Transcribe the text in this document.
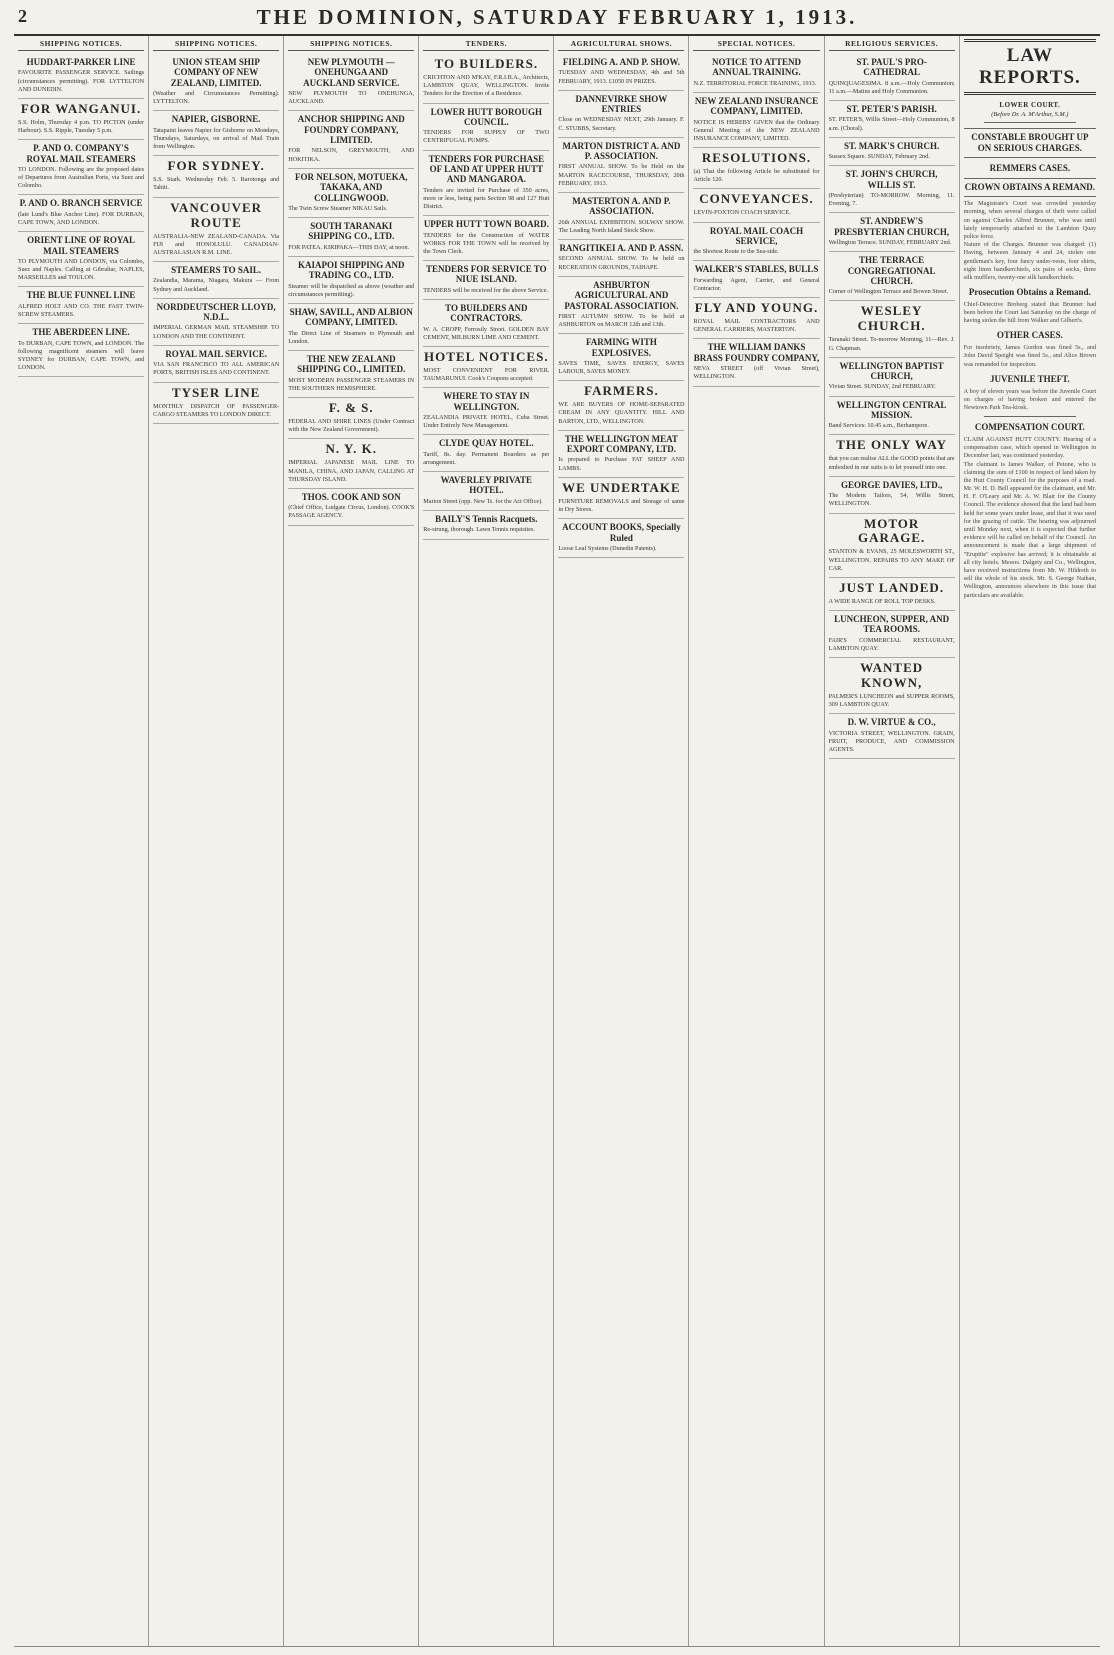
2	THE DOMINION, SATURDAY FEBRUARY 1, 1913.
SHIPPING NOTICES.
HUDDART-PARKER LINE
FAVOURITE PASSENGER SERVICE. Sailings (circumstances permitting). FOR LYTTELTON AND DUNEDIN.
FOR WANGANUI.
S.S. Holm, Thursday 4 p.m. TO PICTON (under Harbour). S.S. Ripple, Tuesday 5 p.m.
P. AND O. COMPANY'S ROYAL MAIL STEAMERS
TO LONDON. Following are the proposed dates of Departures from Australian Ports, via Suez and Colombo.
P. AND O. BRANCH SERVICE
(late Lund's Blue Anchor Line). FOR DURBAN, CAPE TOWN, AND LONDON.
ORIENT LINE OF ROYAL MAIL STEAMERS
TO PLYMOUTH AND LONDON, via Colombo, Suez and Naples. Calling at Gibraltar, NAPLES, MARSEILLES and TOULON.
THE BLUE FUNNEL LINE
ALFRED HOLT AND CO. THE FAST TWIN-SCREW STEAMERS.
THE ABERDEEN LINE.
To DURBAN, CAPE TOWN, and LONDON. The following magnificent steamers will leave SYDNEY for DURBAN, CAPE TOWN, and LONDON.
SHIPPING NOTICES.
UNION STEAM SHIP COMPANY OF NEW ZEALAND, LIMITED.
(Weather and Circumstances Permitting). LYTTELTON.
NAPIER, GISBORNE.
Tatapaini leaves Napier for Gisborne on Mondays, Thursdays, Saturdays, on arrival of Mail Train from Wellington.
FOR SYDNEY.
S.S. Stark. Wednesday Feb. 5. Rarotonga and Tahiti.
VANCOUVER ROUTE
AUSTRALIA-NEW ZEALAND-CANADA. Via FIJI and HONOLULU. CANADIAN-AUSTRALASIAN R.M. LINE.
STEAMERS TO SAIL.
Zealandia, Marama, Niagara, Makura — From Sydney and Auckland.
NORDDEUTSCHER LLOYD, N.D.L.
IMPERIAL GERMAN MAIL STEAMSHIP. TO LONDON AND THE CONTINENT.
ROYAL MAIL SERVICE.
VIA SAN FRANCISCO TO ALL AMERICAN PORTS, BRITISH ISLES AND CONTINENT.
TYSER LINE
MONTHLY DISPATCH OF PASSENGER-CARGO STEAMERS TO LONDON DIRECT.
SHIPPING NOTICES.
NEW PLYMOUTH — ONEHUNGA AND AUCKLAND SERVICE.
NEW PLYMOUTH TO ONEHUNGA, AUCKLAND.
ANCHOR SHIPPING AND FOUNDRY COMPANY, LIMITED.
FOR NELSON, GREYMOUTH, AND HOKITIKA.
FOR NELSON, MOTUEKA, TAKAKA, AND COLLINGWOOD.
The Twin Screw Steamer NIKAU Sails.
SOUTH TARANAKI SHIPPING CO., LTD.
FOR PATEA. KIRIPAKA—THIS DAY, at noon.
KAIAPOI SHIPPING AND TRADING CO., LTD.
Steamer will be dispatched as above (weather and circumstances permitting).
SHAW, SAVILL, AND ALBION COMPANY, LIMITED.
The Direct Line of Steamers to Plymouth and London.
THE NEW ZEALAND SHIPPING CO., LIMITED.
MOST MODERN PASSENGER STEAMERS IN THE SOUTHERN HEMISPHERE.
F. & S.
FEDERAL AND SHIRE LINES (Under Contract with the New Zealand Government).
N. Y. K.
IMPERIAL JAPANESE MAIL LINE TO MANILA, CHINA, AND JAPAN, CALLING AT THURSDAY ISLAND.
THOS. COOK AND SON
(Chief Office, Ludgate Circus, London). COOK'S PASSAGE AGENCY.
TENDERS.
TO BUILDERS.
CRICHTON AND M'KAY, F.R.I.B.A., Architects, LAMBTON QUAY, WELLINGTON. Invite Tenders for the Erection of a Residence.
LOWER HUTT BOROUGH COUNCIL.
TENDERS FOR SUPPLY OF TWO CENTRIFUGAL PUMPS.
TENDERS FOR PURCHASE OF LAND AT UPPER HUTT AND MANGAROA.
Tenders are invited for Purchase of 350 acres, more or less, being parts Section 98 and 127 Hutt District.
UPPER HUTT TOWN BOARD.
TENDERS for the Construction of WATER WORKS FOR THE TOWN will be received by the Town Clerk.
TENDERS FOR SERVICE TO NIUE ISLAND.
TENDERS will be received for the above Service.
TO BUILDERS AND CONTRACTORS.
W. A. CROPP, Ferrosily Street. GOLDEN BAY CEMENT, MILBURN LIME AND CEMENT.
HOTEL NOTICES.
MOST CONVENIENT FOR RIVER. TAUMARUNUI. Cook's Coupons accepted.
WHERE TO STAY IN WELLINGTON.
ZEALANDIA PRIVATE HOTEL, Cuba Street. Under Entirely New Management.
CLYDE QUAY HOTEL.
Tariff, 8s. day. Permanent Boarders as per arrangement.
WAVERLEY PRIVATE HOTEL.
Marion Street (opp. New Ts. for the Act Office).
BAILY'S Tennis Racquets.
Re-strung, thorough. Lawn Tennis requisites.
AGRICULTURAL SHOWS.
FIELDING A. AND P. SHOW.
TUESDAY AND WEDNESDAY, 4th and 5th FEBRUARY, 1913. £1050 IN PRIZES.
DANNEVIRKE SHOW ENTRIES
Close on WEDNESDAY NEXT, 29th January. F. C. STUBBS, Secretary.
MARTON DISTRICT A. AND P. ASSOCIATION.
FIRST ANNUAL SHOW. To be Held on the MARTON RACECOURSE, THURSDAY, 20th FEBRUARY, 1913.
MASTERTON A. AND P. ASSOCIATION.
26th ANNUAL EXHIBITION. SOLWAY SHOW. The Leading North Island Stock Show.
RANGITIKEI A. AND P. ASSN.
SECOND ANNUAL SHOW. To be held on RECREATION GROUNDS, TAIHAPE.
ASHBURTON AGRICULTURAL AND PASTORAL ASSOCIATION.
FIRST AUTUMN SHOW. To be held at ASHBURTON on MARCH 12th and 13th.
FARMING WITH EXPLOSIVES.
SAVES TIME, SAVES ENERGY, SAVES LABOUR, SAVES MONEY.
FARMERS.
WE ARE BUYERS OF HOME-SEPARATED CREAM IN ANY QUANTITY. HILL AND BARTON, LTD., WELLINGTON.
THE WELLINGTON MEAT EXPORT COMPANY, LTD.
Is prepared to Purchase FAT SHEEP AND LAMBS.
WE UNDERTAKE
FURNITURE REMOVALS and Storage of same in Dry Stores.
ACCOUNT BOOKS, Specially Ruled
Loose Leaf Systems (Dunedin Patents).
SPECIAL NOTICES.
NOTICE TO ATTEND ANNUAL TRAINING.
N.Z. TERRITORIAL FORCE TRAINING, 1913.
NEW ZEALAND INSURANCE COMPANY, LIMITED.
NOTICE IS HEREBY GIVEN that the Ordinary General Meeting of the NEW ZEALAND INSURANCE COMPANY, LIMITED.
RESOLUTIONS.
(a) That the following Article be substituted for Article 120.
CONVEYANCES.
LEVIN-FOXTON COACH SERVICE.
ROYAL MAIL COACH SERVICE,
the Shortest Route to the Sea-side.
WALKER'S STABLES, BULLS
Forwarding Agent, Carrier, and General Contractor.
FLY AND YOUNG.
ROYAL MAIL CONTRACTORS AND GENERAL CARRIERS, MASTERTON.
THE WILLIAM DANKS BRASS FOUNDRY COMPANY,
NEVA STREET (off Vivian Street), WELLINGTON.
RELIGIOUS SERVICES.
ST. PAUL'S PRO-CATHEDRAL
QUINQUAGESIMA. 8 a.m.—Holy Communion; 11 a.m.—Matins and Holy Communion.
ST. PETER'S PARISH.
ST. PETER'S, Willis Street—Holy Communion, 8 a.m. (Choral).
ST. MARK'S CHURCH.
Sussex Square. SUNDAY, February 2nd.
ST. JOHN'S CHURCH, WILLIS ST.
(Presbyterian) TO-MORROW. Morning, 11. Evening, 7.
ST. ANDREW'S PRESBYTERIAN CHURCH,
Wellington Terrace. SUNDAY, FEBRUARY 2nd.
THE TERRACE CONGREGATIONAL CHURCH.
Corner of Wellington Terrace and Bowen Street.
WESLEY CHURCH.
Taranaki Street. To-morrow Morning, 11—Rev. J. G. Chapman.
WELLINGTON BAPTIST CHURCH,
Vivian Street. SUNDAY, 2nd FEBRUARY.
WELLINGTON CENTRAL MISSION.
Band Services: 10.45 a.m., Berhampore.
THE ONLY WAY
that you can realise ALL the GOOD points that are embodied in our suits is to let yourself into one.
GEORGE DAVIES, LTD.,
The Modern Tailors, 54, Willis Street, WELLINGTON.
MOTOR GARAGE.
STANTON & EVANS, 25 MOLESWORTH ST., WELLINGTON. REPAIRS TO ANY MAKE OF CAR.
JUST LANDED.
A WIDE RANGE OF ROLL TOP DESKS.
LUNCHEON, SUPPER, AND TEA ROOMS.
FAIR'S COMMERCIAL RESTAURANT, LAMBTON QUAY.
WANTED KNOWN,
PALMER'S LUNCHEON and SUPPER ROOMS, 309 LAMBTON QUAY.
D. W. VIRTUE & CO.,
VICTORIA STREET, WELLINGTON. GRAIN, FRUIT, PRODUCE, AND COMMISSION AGENTS.
LAW REPORTS.
LOWER COURT.
(Before Dr. A. M'Arthur, S.M.)
CONSTABLE BROUGHT UP ON SERIOUS CHARGES.
REMMERS CASES.
CROWN OBTAINS A REMAND.
The Magistrate's Court was crowded yesterday morning, when several charges of theft were called on against Charles Alfred Brunner, who was until lately temporarily attached to the Lambton Quay police force.
Nature of the Charges. Brunner was charged: (1) Having, between January 4 and 24, stolen one gentleman's key, four fancy under-vests, four shirts, eight linen handkerchiefs, six pairs of socks, three silk mufflers, twenty-one silk handkerchiefs.
Prosecution Obtains a Remand.
Chief-Detective Broberg stated that Brunner had been before the Court last Saturday on the charge of having stolen the bill from Walker and Gilbert's.
OTHER CASES.
For insobriety, James Gordon was fined 5s., and John David Speight was fined 5s., and Alice Brown was remanded for inspection.
JUVENILE THEFT.
A boy of eleven years was before the Juvenile Court on charges of having broken and entered the Newtown Park Tea-kiosk.
COMPENSATION COURT.
CLAIM AGAINST HUTT COUNTY. Hearing of a compensation case, which opened in Wellington in December last, was continued yesterday.
The claimant is James Walker, of Petone, who is claiming the sum of £100 in respect of land taken by the Hutt County Council for the purposes of a road. Mr. W. H. D. Bell appeared for the claimant, and Mr. H. F. O'Leary and Mr. A. W. Blair for the County Council. The evidence showed that the land had been held for some years under lease, and that it was used for the grazing of cattle. The hearing was adjourned until Monday next, when it is expected that further evidence will be called on behalf of the Council. An announcement is made that a large shipment of "Eruptite" explosive has arrived; it is obtainable at all city hotels. Messrs. Dalgety and Co., Wellington, have received instructions from Mr. W. Hildreth to sell the whole of his stock. Mr. S. George Nathan, Wellington, announces elsewhere in this issue that particulars are available.
